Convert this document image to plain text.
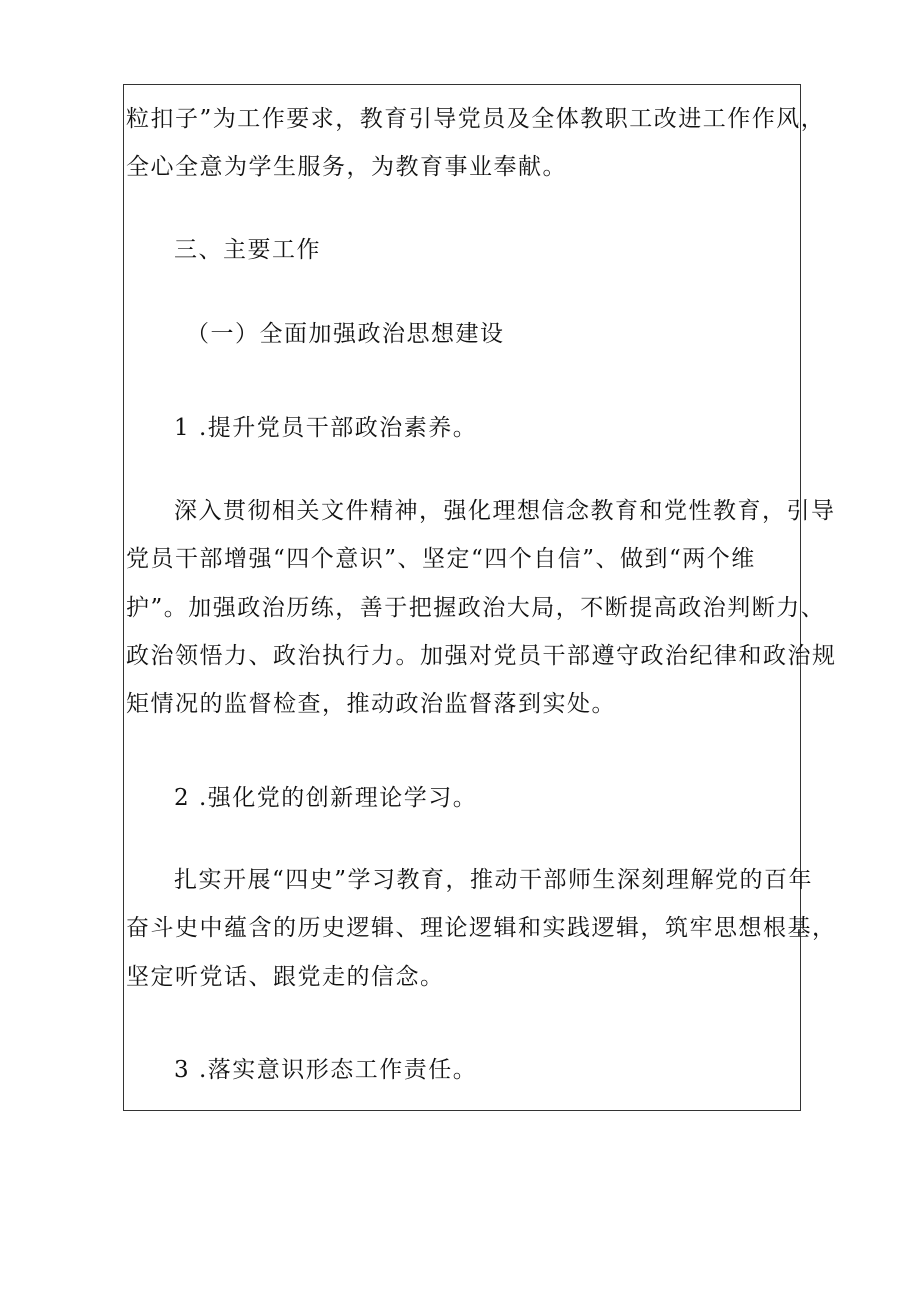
粒扣子”为工作要求，教育引导党员及全体教职工改进工作作风，
全心全意为学生服务，为教育事业奉献。
三、主要工作
（一）全面加强政治思想建设
1 .提升党员干部政治素养。
深入贯彻相关文件精神，强化理想信念教育和党性教育，引导
党员干部增强“四个意识”、坚定“四个自信”、做到“两个维
护”。加强政治历练，善于把握政治大局，不断提高政治判断力、
政治领悟力、政治执行力。加强对党员干部遵守政治纪律和政治规
矩情况的监督检查，推动政治监督落到实处。
2 .强化党的创新理论学习。
扎实开展“四史”学习教育，推动干部师生深刻理解党的百年
奋斗史中蕴含的历史逻辑、理论逻辑和实践逻辑，筑牢思想根基，
坚定听党话、跟党走的信念。
3 .落实意识形态工作责任。
